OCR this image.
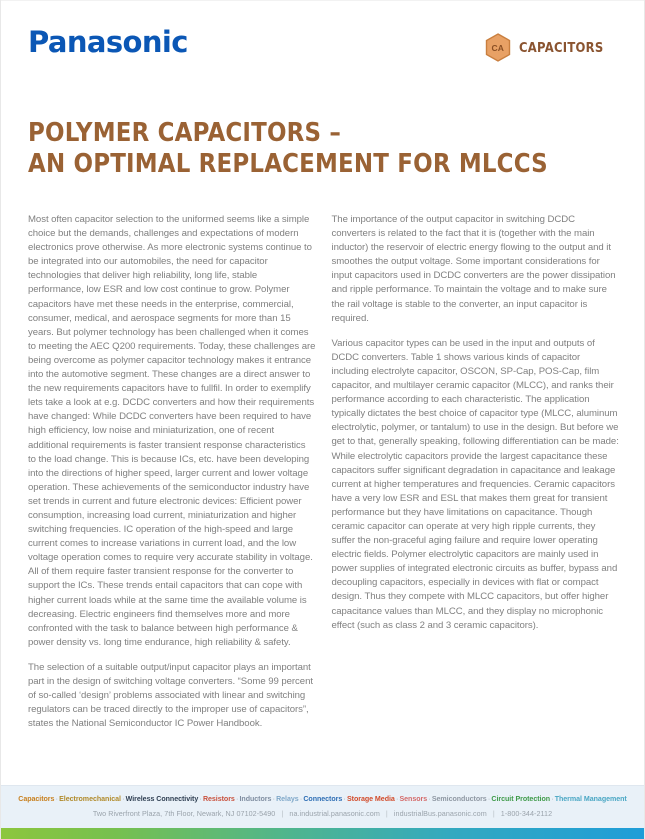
Panasonic	CA	CAPACITORS
POLYMER CAPACITORS –
AN OPTIMAL REPLACEMENT FOR MLCCS

Most often capacitor selection to the uniformed seems like a simple choice but the demands, challenges and expectations of modern electronics prove otherwise. As more electronic systems continue to be integrated into our automobiles, the need for capacitor technologies that deliver high reliability, long life, stable performance, low ESR and low cost continue to grow. Polymer capacitors have met these needs in the enterprise, commercial, consumer, medical, and aerospace segments for more than 15 years. But polymer technology has been challenged when it comes to meeting the AEC Q200 requirements. Today, these challenges are being overcome as polymer capacitor technology makes it entrance into the automotive segment. These changes are a direct answer to the new requirements capacitors have to fullfil. In order to exemplify lets take a look at e.g. DCDC converters and how their requirements have changed: While DCDC converters have been required to have high efficiency, low noise and miniaturization, one of recent additional requirements is faster transient response characteristics to the load change. This is because ICs, etc. have been developing into the directions of higher speed, larger current and lower voltage operation. These achievements of the semiconductor industry have set trends in current and future electronic devices: Efficient power consumption, increasing load current, miniaturization and higher switching frequencies. IC operation of the high-speed and large current comes to increase variations in current load, and the low voltage operation comes to require very accurate stability in voltage. All of them require faster transient response for the converter to support the ICs. These trends entail capacitors that can cope with higher current loads while at the same time the available volume is decreasing. Electric engineers find themselves more and more confronted with the task to balance between high performance & power density vs. long time endurance, high reliability & safety.

The selection of a suitable output/input capacitor plays an important part in the design of switching voltage converters. “Some 99 percent of so-called ‘design’ problems associated with linear and switching regulators can be traced directly to the improper use of capacitors”, states the National Semiconductor IC Power Handbook.

The importance of the output capacitor in switching DCDC converters is related to the fact that it is (together with the main inductor) the reservoir of electric energy flowing to the output and it smoothes the output voltage. Some important considerations for input capacitors used in DCDC converters are the power dissipation and ripple performance. To maintain the voltage and to make sure the rail voltage is stable to the converter, an input capacitor is required.

Various capacitor types can be used in the input and outputs of DCDC converters. Table 1 shows various kinds of capacitor including electrolyte capacitor, OSCON, SP-Cap, POS-Cap, film capacitor, and multilayer ceramic capacitor (MLCC), and ranks their performance according to each characteristic. The application typically dictates the best choice of capacitor type (MLCC, aluminum electrolytic, polymer, or tantalum) to use in the design. But before we get to that, generally speaking, following differentiation can be made: While electrolytic capacitors provide the largest capacitance these capacitors suffer significant degradation in capacitance and leakage current at higher temperatures and frequencies. Ceramic capacitors have a very low ESR and ESL that makes them great for transient performance but they have limitations on capacitance. Though ceramic capacitor can operate at very high ripple currents, they suffer the non-graceful aging failure and require lower operating electric fields. Polymer electrolytic capacitors are mainly used in power supplies of integrated electronic circuits as buffer, bypass and decoupling capacitors, especially in devices with flat or compact design. Thus they compete with MLCC capacitors, but offer higher capacitance values than MLCC, and they display no microphonic effect (such as class 2 and 3 ceramic capacitors).

Capacitors·Electromechanical·Wireless Connectivity·Resistors·Inductors·Relays·Connectors·Storage Media·Sensors·Semiconductors·Circuit Protection·Thermal Management
Two Riverfront Plaza, 7th Floor, Newark, NJ 07102-5490 | na.industrial.panasonic.com | industrialBus.panasonic.com | 1-800-344-2112
